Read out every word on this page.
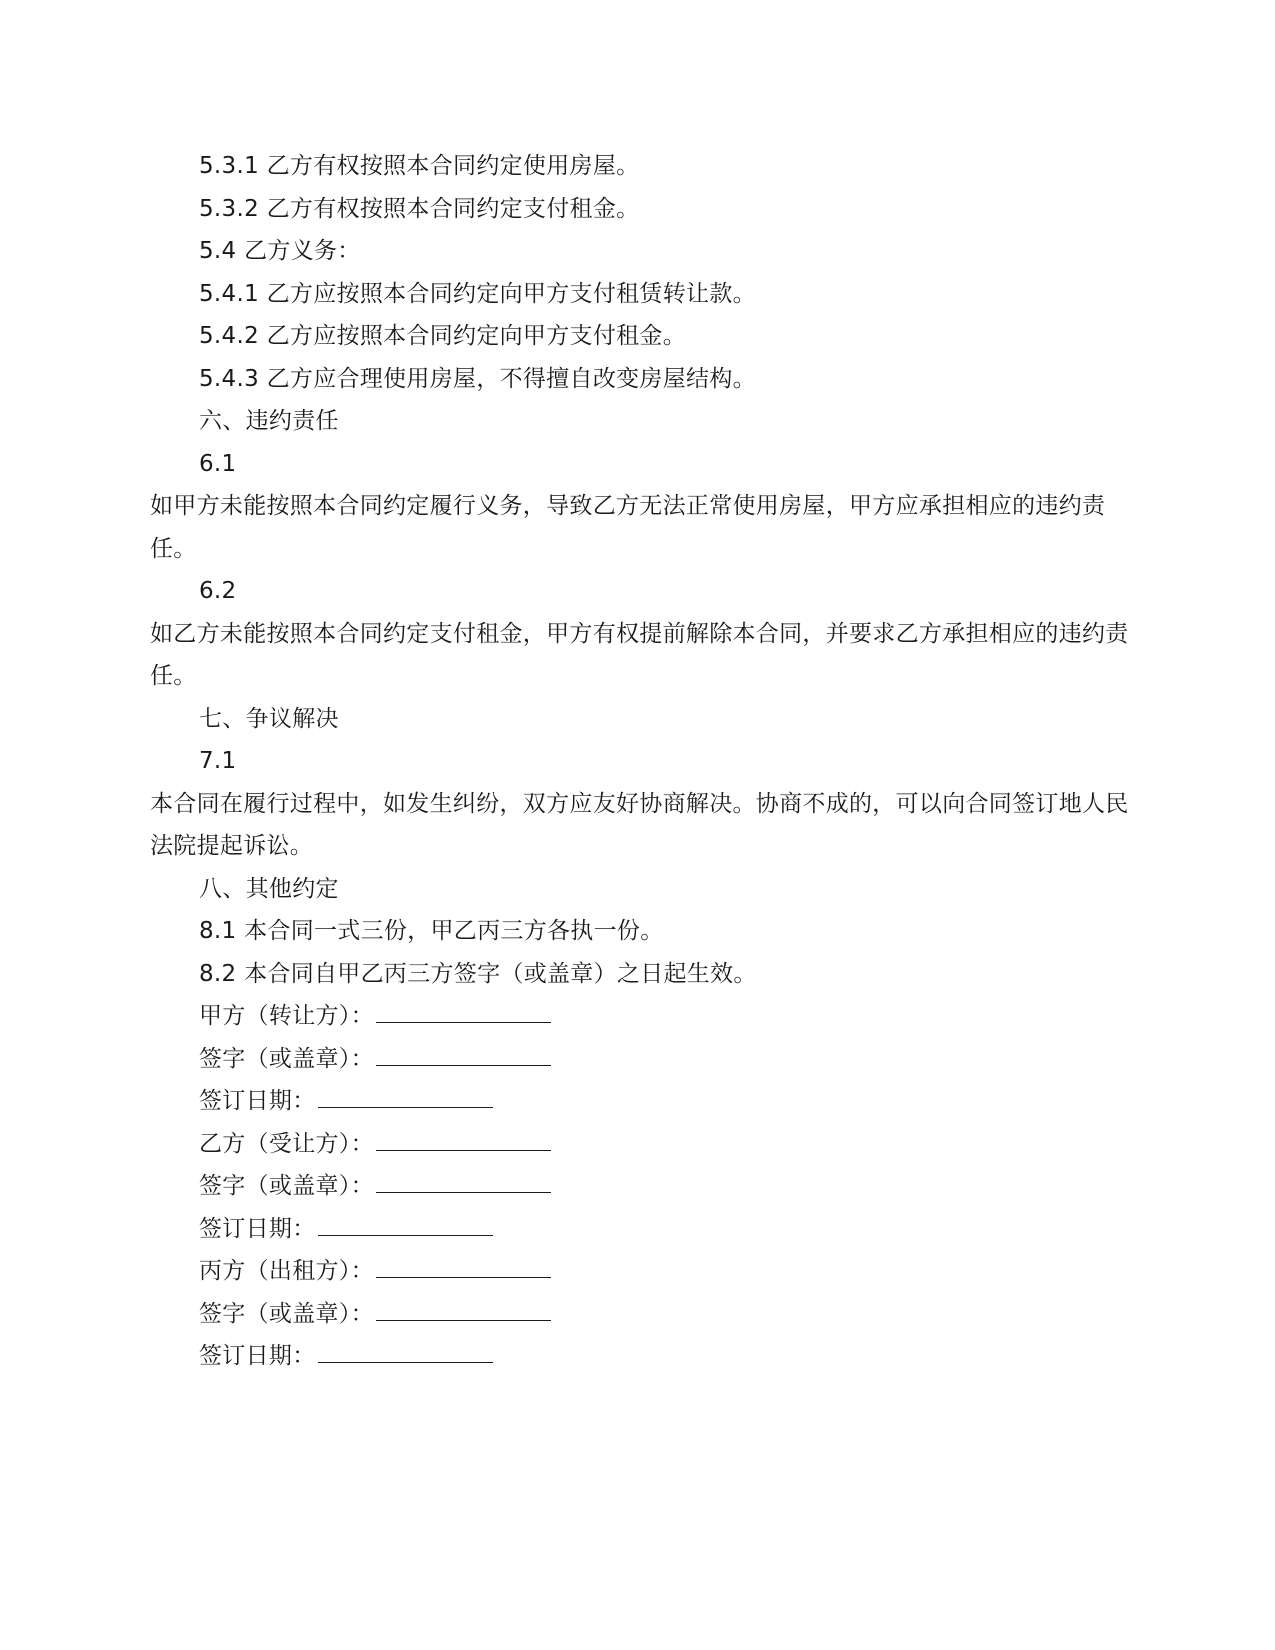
5.3.1 乙方有权按照本合同约定使用房屋。
5.3.2 乙方有权按照本合同约定支付租金。
5.4 乙方义务：
5.4.1 乙方应按照本合同约定向甲方支付租赁转让款。
5.4.2 乙方应按照本合同约定向甲方支付租金。
5.4.3 乙方应合理使用房屋，不得擅自改变房屋结构。
六、违约责任
6.1

如甲方未能按照本合同约定履行义务，导致乙方无法正常使用房屋，甲方应承担相应的违约责任。

6.2

如乙方未能按照本合同约定支付租金，甲方有权提前解除本合同，并要求乙方承担相应的违约责任。

七、争议解决
7.1

本合同在履行过程中，如发生纠纷，双方应友好协商解决。协商不成的，可以向合同签订地人民法院提起诉讼。

八、其他约定
8.1 本合同一式三份，甲乙丙三方各执一份。
8.2 本合同自甲乙丙三方签字（或盖章）之日起生效。
甲方（转让方）：
签字（或盖章）：
签订日期：
乙方（受让方）：
签字（或盖章）：
签订日期：
丙方（出租方）：
签字（或盖章）：
签订日期：
